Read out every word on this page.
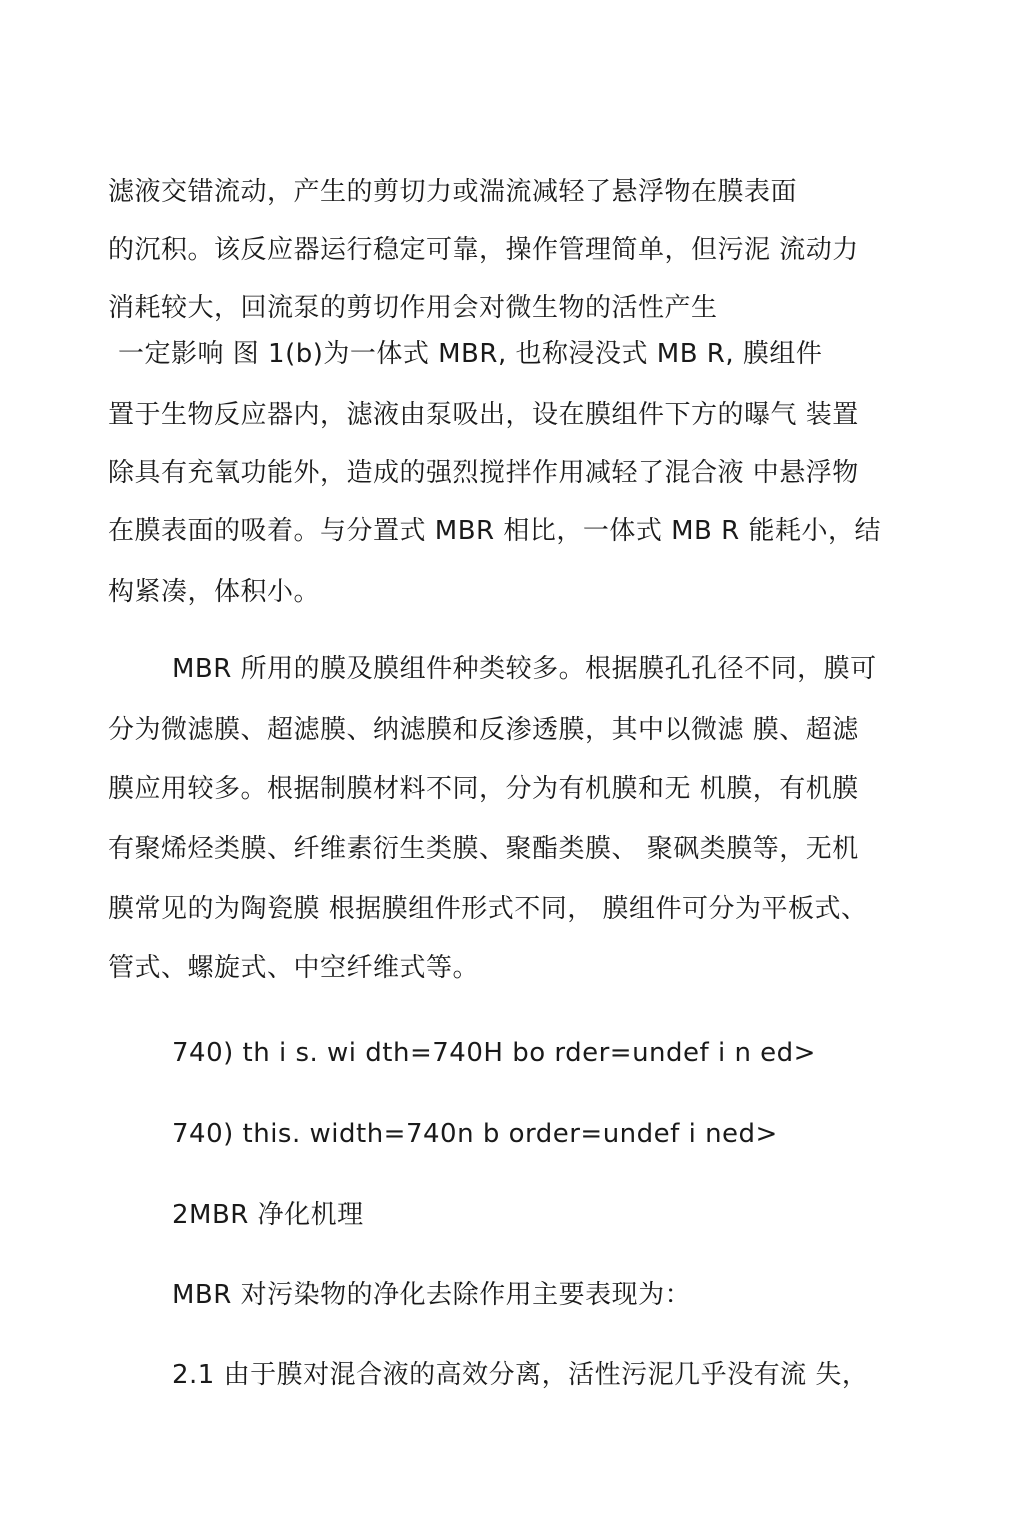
滤液交错流动，产生的剪切力或湍流减轻了悬浮物在膜表面
的沉积。该反应器运行稳定可靠，操作管理简单，但污泥 流动力
消耗较大，回流泵的剪切作用会对微生物的活性产生
一定影响 图 1(b)为一体式 MBR, 也称浸没式 MB R, 膜组件
置于生物反应器内，滤液由泵吸出，设在膜组件下方的曝气 装置
除具有充氧功能外，造成的强烈搅拌作用减轻了混合液 中悬浮物
在膜表面的吸着。与分置式 MBR 相比，一体式 MB R 能耗小，结
构紧凑，体积小。
MBR 所用的膜及膜组件种类较多。根据膜孔孔径不同，膜可
分为微滤膜、超滤膜、纳滤膜和反渗透膜，其中以微滤 膜、超滤
膜应用较多。根据制膜材料不同，分为有机膜和无 机膜，有机膜
有聚烯烃类膜、纤维素衍生类膜、聚酯类膜、 聚砜类膜等，无机
膜常见的为陶瓷膜 根据膜组件形式不同， 膜组件可分为平板式、
管式、螺旋式、中空纤维式等。
740) th i s. wi dth=740H bo rder=undef i n ed>
740) this. width=740n b order=undef i ned>
2MBR 净化机理
MBR 对污染物的净化去除作用主要表现为：
2.1 由于膜对混合液的高效分离，活性污泥几乎没有流 失，
